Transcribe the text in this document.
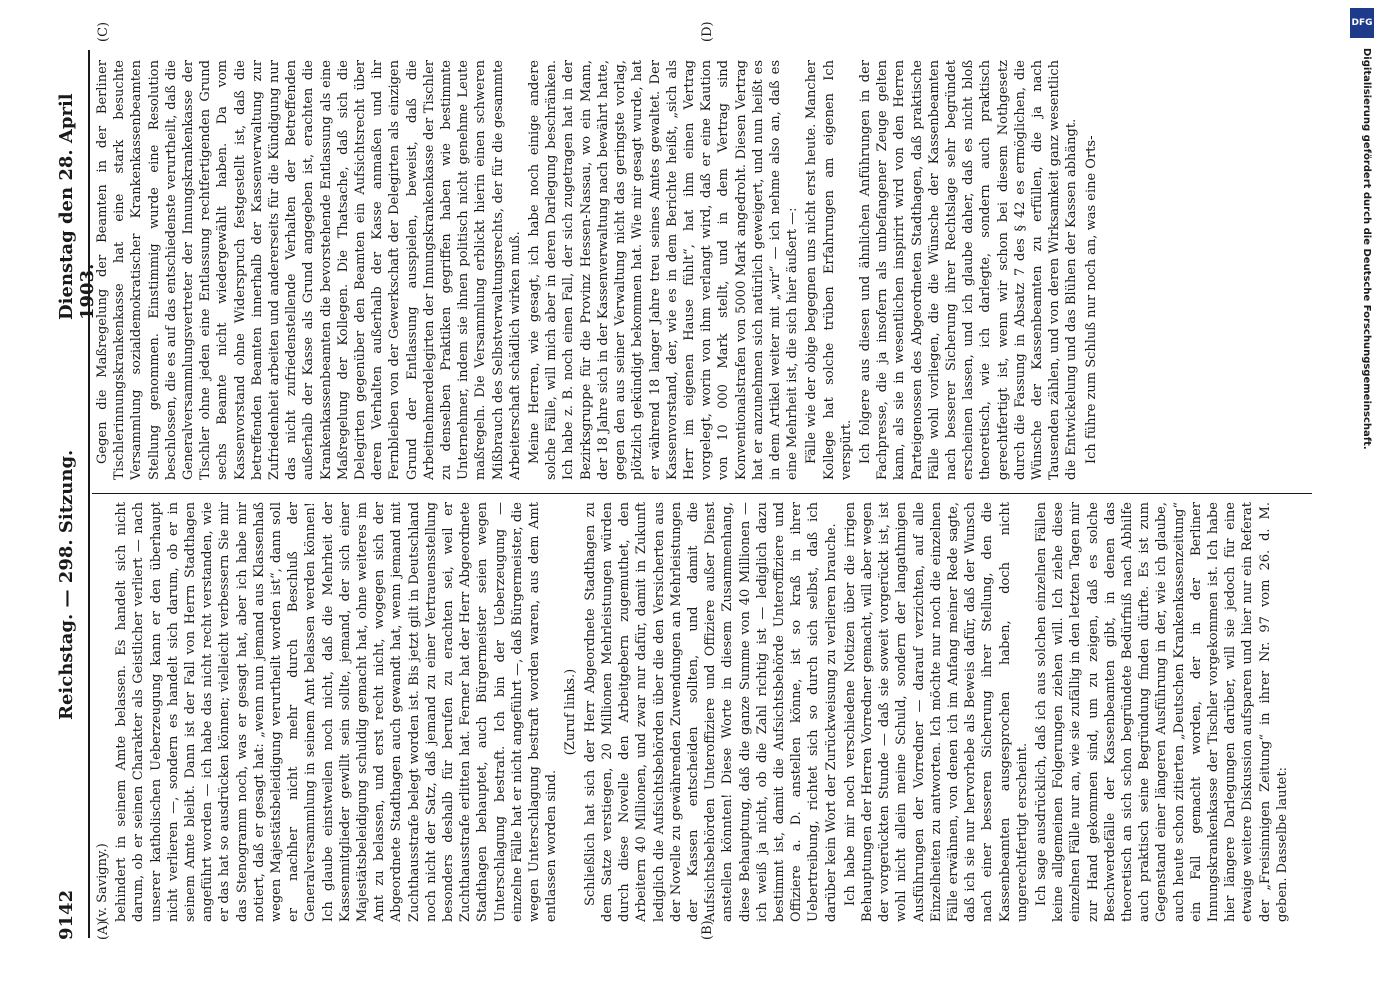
9142
Reichstag. — 298. Sitzung.
Dienstag den 28. April 1903.
(A)	(B)
(C)	(D)

(v. Savigny.) behindert in seinem Amte belassen. Es handelt sich nicht darum, ob er seinen Charakter als Geistlicher verliert — nach unserer katholischen Ueberzeugung kann er den überhaupt nicht verlieren —, sondern es handelt sich darum, ob er in seinem Amte bleibt. Dann ist der Fall von Herrn Stadthagen angeführt worden — ich habe das nicht recht verstanden, wie er das hat so ausdrücken können; vielleicht verbessern Sie mir das Stenogramm noch, was er gesagt hat, aber ich habe mir notiert, daß er gesagt hat: „wenn nun jemand aus Klassenhaß wegen Majestätsbeleidigung verurtheilt worden ist“, dann soll er nachher nicht mehr durch Beschluß der Generalversammlung in seinem Amt belassen werden können! Ich glaube einstweilen noch nicht, daß die Mehrheit der Kassenmitglieder gewillt sein sollte, jemand, der sich einer Majestätsbeleidigung schuldig gemacht hat, ohne weiteres im Amt zu belassen, und erst recht nicht, wogegen sich der Abgeordnete Stadthagen auch gewandt hat, wenn jemand mit Zuchthausstrafe belegt worden ist. Bis jetzt gilt in Deutschland noch nicht der Satz, daß jemand zu einer Vertrauensstellung besonders deshalb für berufen zu erachten sei, weil er Zuchthausstrafe erlitten hat. Ferner hat der Herr Abgeordnete Stadthagen behauptet, auch Bürgermeister seien wegen Unterschlagung bestraft. Ich bin der Ueberzeugung — einzelne Fälle hat er nicht angeführt —, daß Bürgermeister, die wegen Unterschlagung bestraft worden waren, aus dem Amt entlassen worden sind.

(Zuruf links.) Schließlich hat sich der Herr Abgeordnete Stadthagen zu dem Satze verstiegen, 20 Millionen Mehrleistungen würden durch diese Novelle den Arbeitgebern zugemuthet, den Arbeitern 40 Millionen, und zwar nur dafür, damit in Zukunft lediglich die Aufsichtsbehörden über die den Versicherten aus der Novelle zu gewährenden Zuwendungen an Mehrleistungen der Kassen entscheiden sollten, und damit die Aufsichtsbehörden Unteroffiziere und Offiziere außer Dienst anstellen könnten! Diese Worte in diesem Zusammenhang, diese Behauptung, daß die ganze Summe von 40 Millionen — ich weiß ja nicht, ob die Zahl richtig ist — lediglich dazu bestimmt ist, damit die Aufsichtsbehörde Unteroffiziere und Offiziere a. D. anstellen könne, ist so kraß in ihrer Uebertreibung, richtet sich so durch sich selbst, daß ich darüber kein Wort der Zurückweisung zu verlieren brauche. Ich habe mir noch verschiedene Notizen über die irrigen Behauptungen der Herren Vorredner gemacht, will aber wegen der vorgerückten Stunde — daß sie soweit vorgerückt ist, ist wohl nicht allein meine Schuld, sondern der langathmigen Ausführungen der Vorredner — darauf verzichten, auf alle Einzelheiten zu antworten. Ich möchte nur noch die einzelnen Fälle erwähnen, von denen ich im Anfang meiner Rede sagte, daß ich sie nur hervorhebe als Beweis dafür, daß der Wunsch nach einer besseren Sicherung ihrer Stellung, den die Kassenbeamten ausgesprochen haben, doch nicht ungerechtfertigt erscheint. Ich sage ausdrücklich, daß ich aus solchen einzelnen Fällen keine allgemeinen Folgerungen ziehen will. Ich ziehe diese einzelnen Fälle nur an, wie sie zufällig in den letzten Tagen mir zur Hand gekommen sind, um zu zeigen, daß es solche Beschwerdefälle der Kassenbeamten gibt, in denen das theoretisch an sich schon begründete Bedürfniß nach Abhilfe auch praktisch seine Begründung finden dürfte. Es ist zum Gegenstand einer längeren Ausführung in der, wie ich glaube, auch heute schon zitierten „Deutschen Krankenkassenzeitung“ ein Fall gemacht worden, der in der Berliner Innungskrankenkasse der Tischler vorgekommen ist. Ich habe hier längere Darlegungen darüber, will sie jedoch für eine etwaige weitere Diskussion aufsparen und hier nur ein Referat der „Freisinnigen Zeitung“ in ihrer Nr. 97 vom 26. d. M. geben. Dasselbe lautet:

Gegen die Maßregelung der Beamten in der Berliner Tischlerinnungskrankenkasse hat eine stark besuchte Versammlung sozialdemokratischer Krankenkassenbeamten Stellung genommen. Einstimmig wurde eine Resolution beschlossen, die es auf das entschiedenste verurtheilt, daß die Generalversammlungsvertreter der Innungskrankenkasse der Tischler ohne jeden eine Entlassung rechtfertigenden Grund sechs Beamte nicht wiedergewählt haben. Da vom Kassenvorstand ohne Widerspruch festgestellt ist, daß die betreffenden Beamten innerhalb der Kassenverwaltung zur Zufriedenheit arbeiten und andererseits für die Kündigung nur das nicht zufriedenstellende Verhalten der Betreffenden außerhalb der Kasse als Grund angegeben ist, erachten die Krankenkassenbeamten die bevorstehende Entlassung als eine Maßregelung der Kollegen. Die Thatsache, daß sich die Delegirten gegenüber den Beamten ein Aufsichtsrecht über deren Verhalten außerhalb der Kasse anmaßen und ihr Fernbleiben von der Gewerkschaft der Delegirten als einzigen Grund der Entlassung ausspielen, beweist, daß die Arbeitnehmerdelegirten der Innungskrankenkasse der Tischler zu denselben Praktiken gegriffen haben wie bestimmte Unternehmer, indem sie ihnen politisch nicht genehme Leute maßregeln. Die Versammlung erblickt hierin einen schweren Mißbrauch des Selbstverwaltungsrechts, der für die gesammte Arbeiterschaft schädlich wirken muß. Meine Herren, wie gesagt, ich habe noch einige andere solche Fälle, will mich aber in deren Darlegung beschränken. Ich habe z. B. noch einen Fall, der sich zugetragen hat in der Bezirksgruppe für die Provinz Hessen-Nassau, wo ein Mann, der 18 Jahre sich in der Kassenverwaltung nach bewährt hatte, gegen den aus seiner Verwaltung nicht das geringste vorlag, plötzlich gekündigt bekommen hat. Wie mir gesagt wurde, hat er während 18 langer Jahre treu seines Amtes gewaltet. Der Kassenvorstand, der, wie es in dem Berichte heißt, „sich als Herr im eigenen Hause fühlt“, hat ihm einen Vertrag vorgelegt, worin von ihm verlangt wird, daß er eine Kaution von 10 000 Mark stellt, und in dem Vertrag sind Konventionalstrafen von 5000 Mark angedroht. Diesen Vertrag hat er anzunehmen sich natürlich geweigert, und nun heißt es in dem Artikel weiter mit „wir“ — ich nehme also an, daß es eine Mehrheit ist, die sich hier äußert —: Fälle wie der obige begegnen uns nicht erst heute. Mancher Kollege hat solche trüben Erfahrungen am eigenen Ich verspürt. Ich folgere aus diesen und ähnlichen Anführungen in der Fachpresse, die ja insofern als unbefangener Zeuge gelten kann, als sie in wesentlichen inspirirt wird von den Herren Parteigenossen des Abgeordneten Stadthagen, daß praktische Fälle wohl vorliegen, die die Wünsche der Kassenbeamten nach besserer Sicherung ihrer Rechtslage sehr begründet erscheinen lassen, und ich glaube daher, daß es nicht bloß theoretisch, wie ich darlegte, sondern auch praktisch gerechtfertigt ist, wenn wir schon bei diesem Nothgesetz durch die Fassung in Absatz 7 des § 42 es ermöglichen, die Wünsche der Kassenbeamten zu erfüllen, die ja nach Tausenden zählen, und von deren Wirksamkeit ganz wesentlich die Entwickelung und das Blühen der Kassen abhängt. Ich führe zum Schluß nur noch an, was eine Orts-

DFG
Digitalisierung gefördert durch die Deutsche Forschungsgemeinschaft.
